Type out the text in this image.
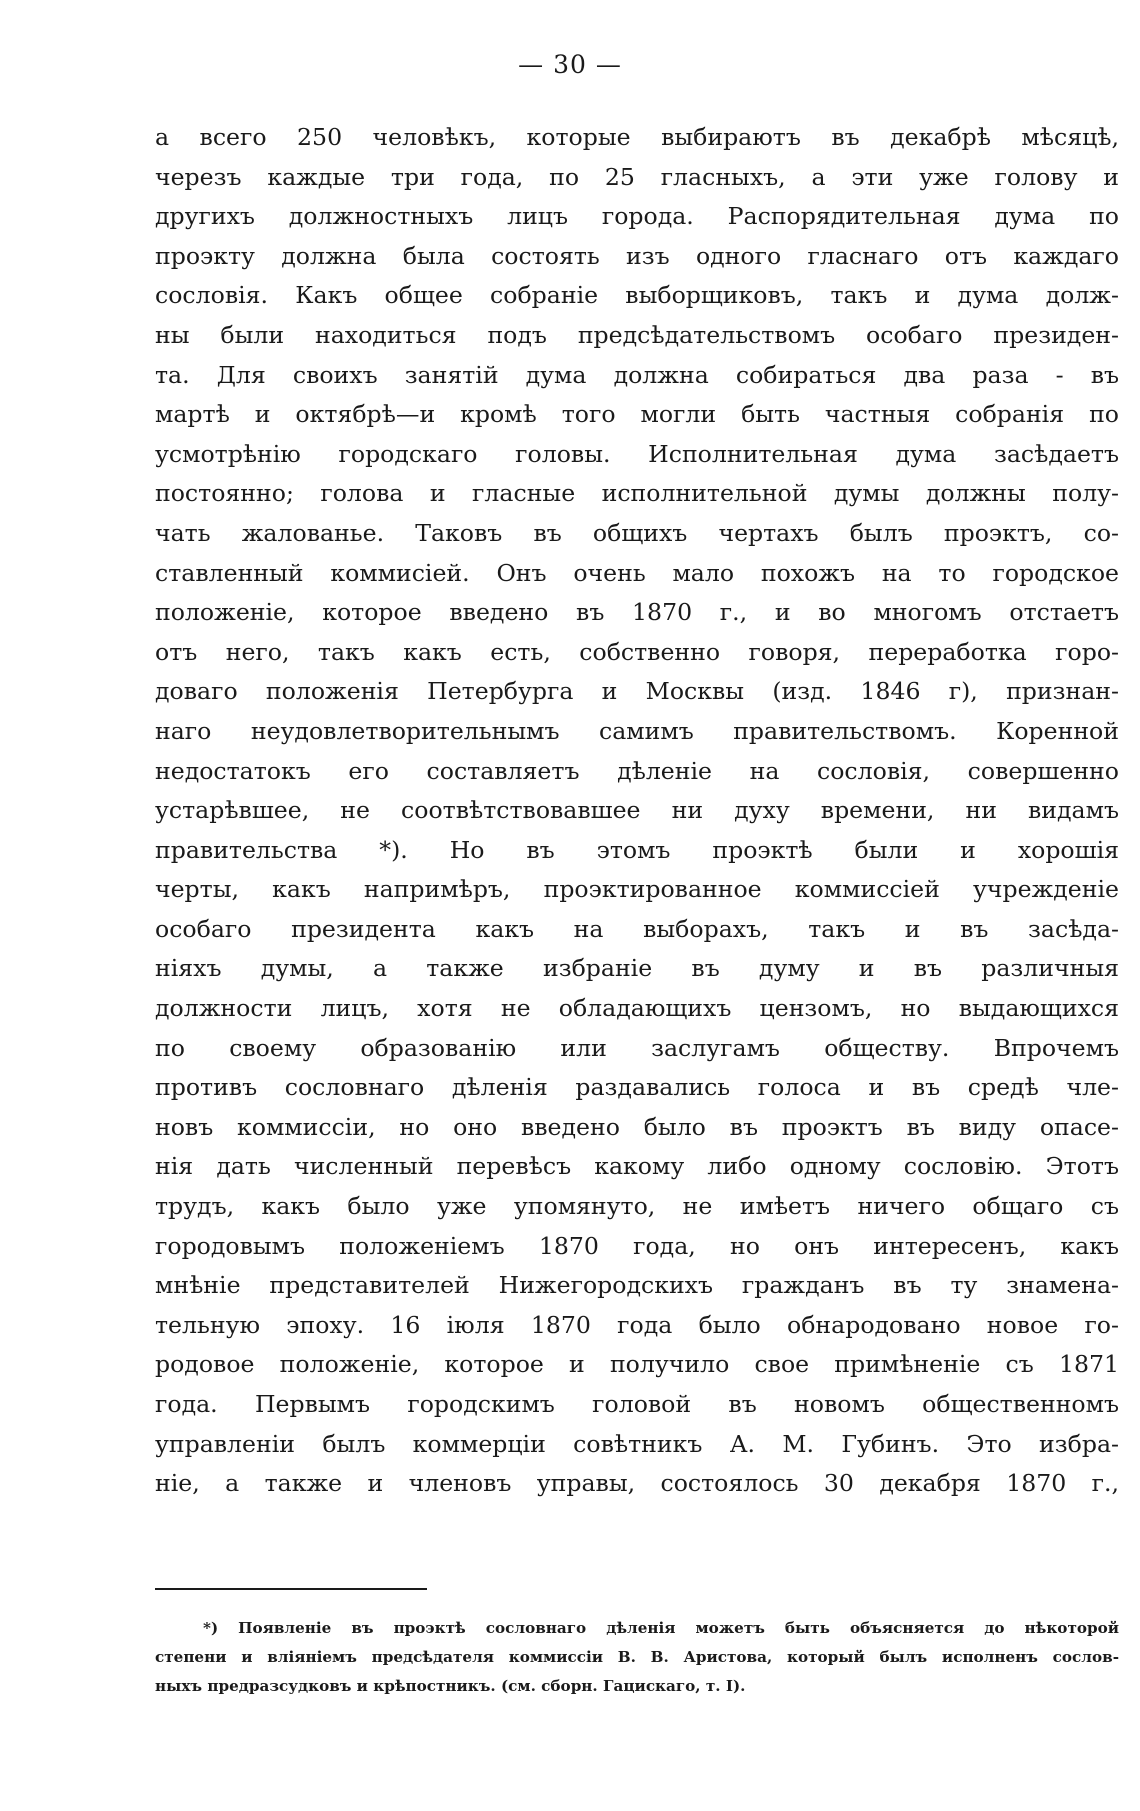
— 30 —
а всего 250 человѣкъ, которые выбираютъ въ декабрѣ мѣсяцѣ,
черезъ каждые три года, по 25 гласныхъ, а эти уже голову и
другихъ должностныхъ лицъ города. Распорядительная дума по
проэкту должна была состоять изъ одного гласнаго отъ каждаго
сословія. Какъ общее собраніе выборщиковъ, такъ и дума долж-
ны были находиться подъ предсѣдательствомъ особаго президен-
та. Для своихъ занятій дума должна собираться два раза - въ
мартѣ и октябрѣ—и кромѣ того могли быть частныя собранія по
усмотрѣнію городскаго головы. Исполнительная дума засѣдаетъ
постоянно; голова и гласные исполнительной думы должны полу-
чать жалованье. Таковъ въ общихъ чертахъ былъ проэктъ, со-
ставленный коммисіей. Онъ очень мало похожъ на то городское
положеніе, которое введено въ 1870 г., и во многомъ отстаетъ
отъ него, такъ какъ есть, собственно говоря, переработка горо-
доваго положенія Петербурга и Москвы (изд. 1846 г), признан-
наго неудовлетворительнымъ самимъ правительствомъ. Коренной
недостатокъ его составляетъ дѣленіе на сословія, совершенно
устарѣвшее, не соотвѣтствовавшее ни духу времени, ни видамъ
правительства *). Но въ этомъ проэктѣ были и хорошія
черты, какъ напримѣръ, проэктированное коммиссіей учрежденіе
особаго президента какъ на выборахъ, такъ и въ засѣда-
ніяхъ думы, а также избраніе въ думу и въ различныя
должности лицъ, хотя не обладающихъ цензомъ, но выдающихся
по своему образованію или заслугамъ обществу. Впрочемъ
противъ сословнаго дѣленія раздавались голоса и въ средѣ чле-
новъ коммиссіи, но оно введено было въ проэктъ въ виду опасе-
нія дать численный перевѣсъ какому либо одному сословію. Этотъ
трудъ, какъ было уже упомянуто, не имѣетъ ничего общаго съ
городовымъ положеніемъ 1870 года, но онъ интересенъ, какъ
мнѣніе представителей Нижегородскихъ гражданъ въ ту знамена-
тельную эпоху. 16 іюля 1870 года было обнародовано новое го-
родовое положеніе, которое и получило свое примѣненіе съ 1871
года. Первымъ городскимъ головой въ новомъ общественномъ
управленіи былъ коммерціи совѣтникъ А. М. Губинъ. Это избра-
ніе, а также и членовъ управы, состоялось 30 декабря 1870 г.,
*) Появленіе въ проэктѣ сословнаго дѣленія можетъ быть объясняется до нѣкоторой
степени и вліяніемъ предсѣдателя коммиссіи В. В. Аристова, который былъ исполненъ сослов-
ныхъ предразсудковъ и крѣпостникъ. (см. сборн. Гацискаго, т. I).
